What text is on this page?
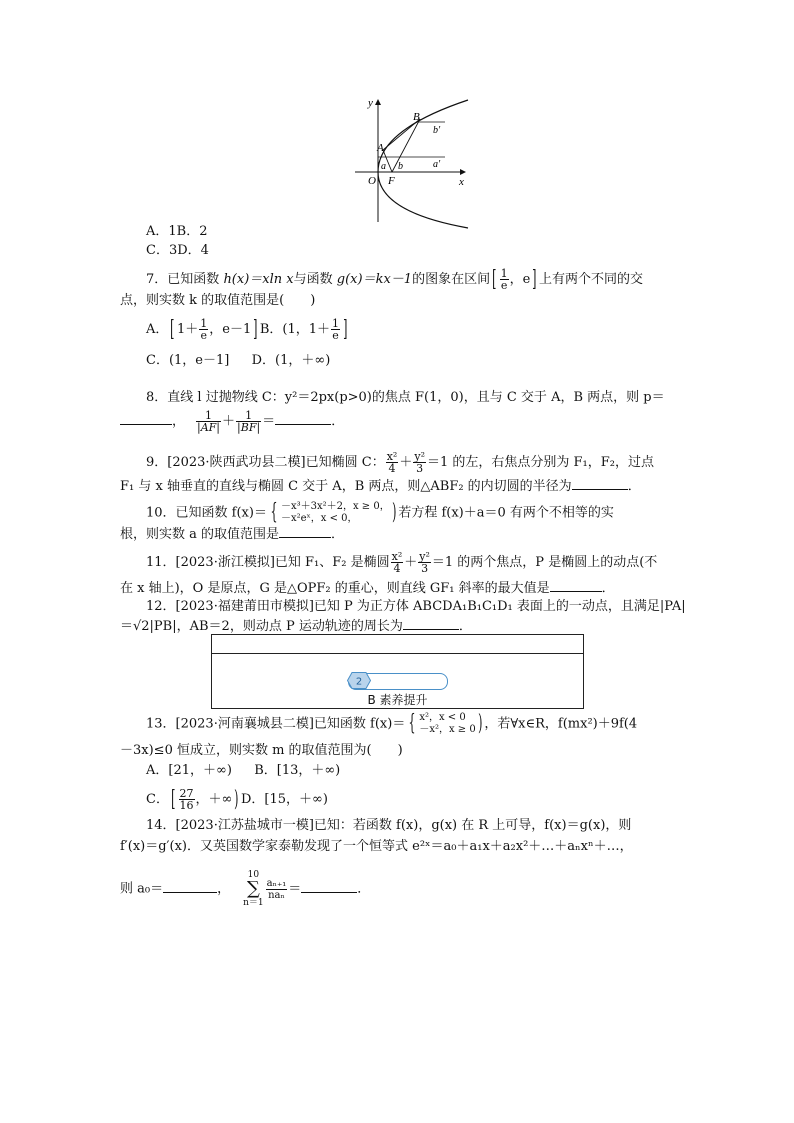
y
x
O
A
B
F
a b	a′
b′
A．1B．2
C．3D．4
7．已知函数 h(x)＝xln x与函数 g(x)＝kx－1的图象在区间[ $\frac{1}{e}$ ，e] 上有两个不同的交
点，则实数 k 的取值范围是(　　)
A．[ $1+ \frac{1}{e}$ ，e－1] B．(1，$1+ \frac{1}{e}$ ]
C．(1，e－1] D．(1，＋∞)
8．直线 l 过抛物线 C：y²＝2px(p>0)的焦点 F(1，0)，且与 C 交于 A，B 两点，则 p＝
， $\frac{1}{|AF|} + \frac{1}{|BF|}$ ＝	．
9．[2023·陕西武功县二模]已知椭圆 C： $\frac{\text{x²}}{4} + \frac{\text{y²}}{3} =1$ 的左，右焦点分别为 F₁，F₂，过点
F₁ 与 x 轴垂直的直线与椭圆 C 交于 A，B 两点，则△ABF₂ 的内切圆的半径为	．
10．已知函数 f(x)＝ { －x³＋3x²＋2，x ≥ 0，
－x²eˣ，x < 0，	) 若方程 f(x)＋a＝0 有两个不相等的实
根，则实数 a 的取值范围是	．
11．[2023·浙江模拟]已知 F₁、F₂ 是椭圆 $\frac{\text{x²}}{4} + \frac{\text{y²}}{3} =1$ 的两个焦点，P 是椭圆上的动点(不
在 x 轴上)，O 是原点，G 是△OPF₂ 的重心，则直线 GF₁ 斜率的最大值是	．
12．[2023·福建莆田市模拟]已知 P 为正方体 ABCDA₁B₁C₁D₁ 表面上的一动点，且满足|PA|
＝√2|PB|，AB＝2，则动点 P 运动轨迹的周长为	．
2
B 素养提升
13．[2023·河南襄城县二模]已知函数 f(x)＝ { x²，x < 0
－x²，x ≥ 0 ) ，若∀x∈R，f(mx²)＋9f(4
－3x)≤0 恒成立，则实数 m 的取值范围为(　　)
A．[21，＋∞) B．[13，＋∞)
C．[ $\frac{27}{16}$ ，＋∞) D．[15，＋∞)
14．[2023·江苏盐城市一模]已知：若函数 f(x)，g(x) 在 R 上可导，f(x)＝g(x)，则
f′(x)＝g′(x)．又英国数学家泰勒发现了一个恒等式 e²ˣ＝a₀＋a₁x＋a₂x²＋…＋aₙxⁿ＋…，
则 a₀＝	，
10
∑
n＝1
aₙ₊₁
naₙ ＝	．
